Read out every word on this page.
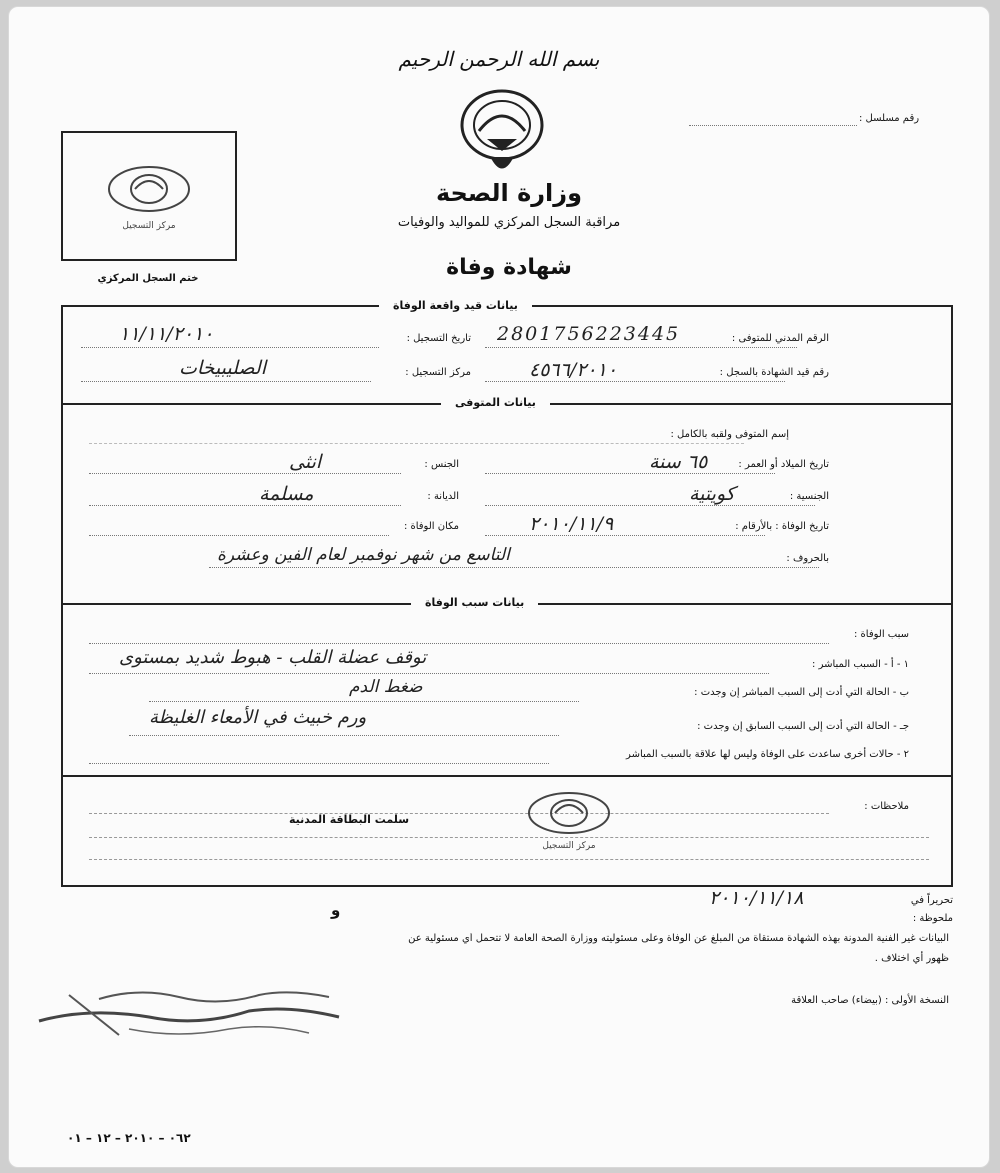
بسم الله الرحمن الرحيم
رقم مسلسل :
وزارة الصحة
مراقبة السجل المركزي للمواليد والوفيات
شهادة وفاة
مركز التسجيل
ختم السجل المركزي
بيانات قيد واقعة الوفاة
الرقم المدني للمتوفى :
2801756223445
تاريخ التسجيل :
١١/١١/٢٠١٠
رقم قيد الشهادة بالسجل :
٤٥٦٦/٢٠١٠
مركز التسجيل :
الصليبيخات
بيانات المتوفى
إسم المتوفى ولقبه بالكامل :
تاريخ الميلاد أو العمر :
٦٥ سنة
الجنس :
انثى
الجنسية :
كويتية
الديانة :
مسلمة
تاريخ الوفاة : بالأرقام :
٢٠١٠/١١/٩
مكان الوفاة :
بالحروف :
التاسع من شهر نوفمبر لعام الفين وعشرة
بيانات سبب الوفاة
سبب الوفاة :
١ - أ - السبب المباشر :
توقف عضلة القلب - هبوط شديد بمستوى
ب - الحالة التي أدت إلى السبب المباشر إن وجدت :
ضغط الدم
جـ - الحالة التي أدت إلى السبب السابق إن وجدت :
ورم خبيث في الأمعاء الغليظة
٢ - حالات أخرى ساعدت على الوفاة وليس لها علاقة بالسبب المباشر
ملاحظات :
سلمت البطاقة المدنية
مركز التسجيل
تحريراً في
٢٠١٠/١١/١٨
و	ملحوظة :
البيانات غير الفنية المدونة بهذه الشهادة مستقاة من المبلغ عن الوفاة وعلى مسئوليته ووزارة الصحة العامة لا تتحمل أي مسئولية عن
ظهور أي اختلاف .
النسخة الأولى : (بيضاء) صاحب العلاقة
٠٦٢ – ٢٠١٠ – ١٢ – ٠١
